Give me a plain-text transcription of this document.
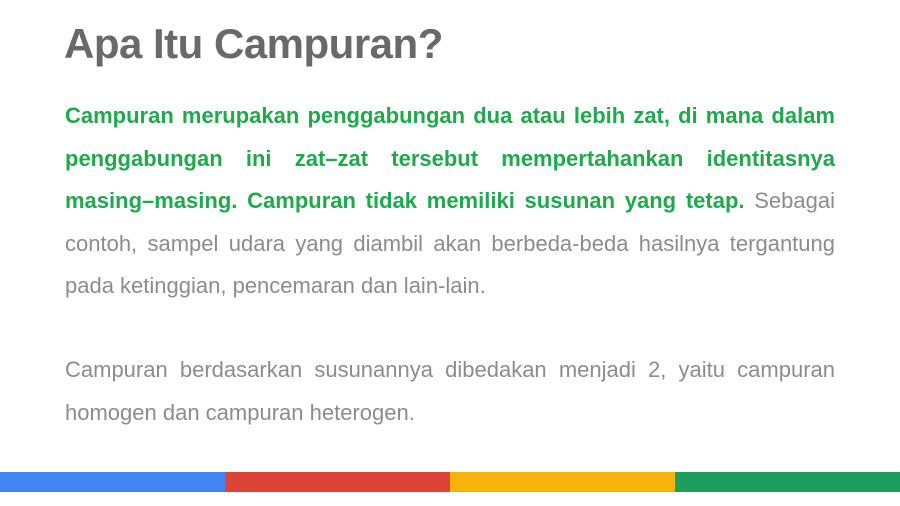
Apa Itu Campuran?

Campuran merupakan penggabungan dua atau lebih zat, di mana dalam penggabungan ini zat–zat tersebut mempertahankan identitasnya masing–masing. Campuran tidak memiliki susunan yang tetap. Sebagai contoh, sampel udara yang diambil akan berbeda-beda hasilnya tergantung pada ketinggian, pencemaran dan lain-lain.

Campuran berdasarkan susunannya dibedakan menjadi 2, yaitu campuran homogen dan campuran heterogen.
